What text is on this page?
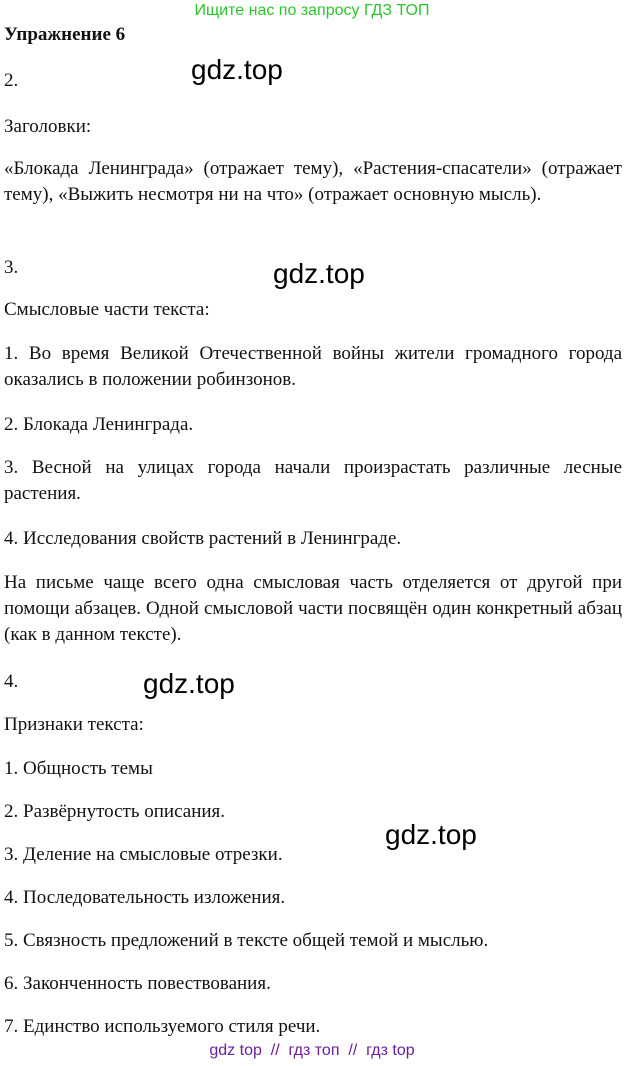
Ищите нас по запросу ГДЗ ТОП
Упражнение 6
2.	gdz.top
Заголовки:
«Блокада Ленинграда» (отражает тему), «Растения-спасатели» (отражает тему), «Выжить несмотря ни на что» (отражает основную мысль).
3.	gdz.top
Смысловые части текста:
1. Во время Великой Отечественной войны жители громадного города оказались в положении робинзонов.
2. Блокада Ленинграда.
3. Весной на улицах города начали произрастать различные лесные растения.
4. Исследования свойств растений в Ленинграде.
На письме чаще всего одна смысловая часть отделяется от другой при помощи абзацев. Одной смысловой части посвящён один конкретный абзац (как в данном тексте).
4.	gdz.top
Признаки текста:
1. Общность темы
2. Развёрнутость описания.
gdz.top
3. Деление на смысловые отрезки.
4. Последовательность изложения.
5. Связность предложений в тексте общей темой и мыслью.
6. Законченность повествования.
7. Единство используемого стиля речи.
gdz top  //  гдз топ  //  гдз top
